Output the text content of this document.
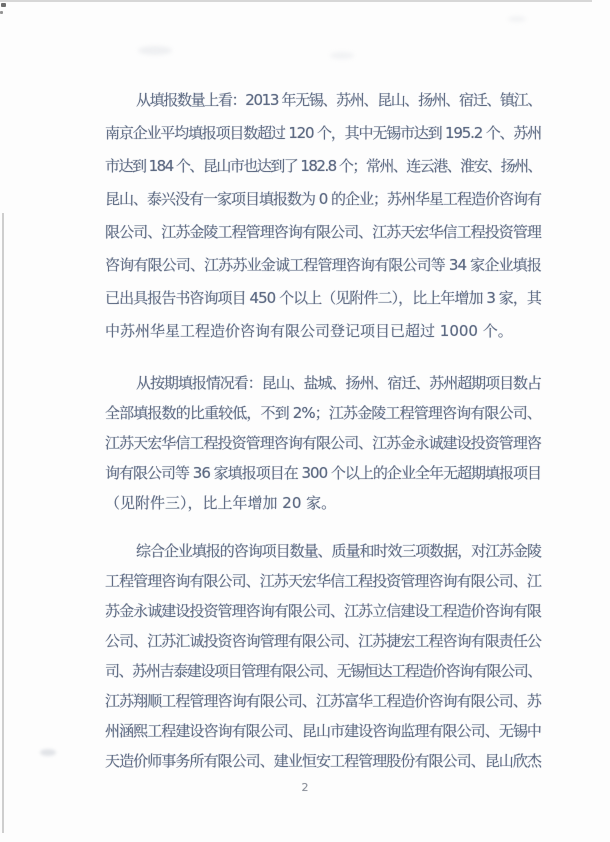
从填报数量上看：2013 年无锡、苏州、昆山、扬州、宿迁、镇江、
南京企业平均填报项目数超过 120 个，其中无锡市达到 195.2 个、苏州
市达到 184 个、昆山市也达到了 182.8 个；常州、连云港、淮安、扬州、
昆山、泰兴没有一家项目填报数为 0 的企业；苏州华星工程造价咨询有
限公司、江苏金陵工程管理咨询有限公司、江苏天宏华信工程投资管理
咨询有限公司、江苏苏业金诚工程管理咨询有限公司等 34 家企业填报
已出具报告书咨询项目 450 个以上（见附件二），比上年增加 3 家，其
中苏州华星工程造价咨询有限公司登记项目已超过 1000 个。
从按期填报情况看：昆山、盐城、扬州、宿迁、苏州超期项目数占
全部填报数的比重较低，不到 2%；江苏金陵工程管理咨询有限公司、
江苏天宏华信工程投资管理咨询有限公司、江苏金永诚建设投资管理咨
询有限公司等 36 家填报项目在 300 个以上的企业全年无超期填报项目
（见附件三），比上年增加 20 家。
综合企业填报的咨询项目数量、质量和时效三项数据，对江苏金陵
工程管理咨询有限公司、江苏天宏华信工程投资管理咨询有限公司、江
苏金永诚建设投资管理咨询有限公司、江苏立信建设工程造价咨询有限
公司、江苏汇诚投资咨询管理有限公司、江苏捷宏工程咨询有限责任公
司、苏州吉泰建设项目管理有限公司、无锡恒达工程造价咨询有限公司、
江苏翔顺工程管理咨询有限公司、江苏富华工程造价咨询有限公司、苏
州涵熙工程建设咨询有限公司、昆山市建设咨询监理有限公司、无锡中
天造价师事务所有限公司、建业恒安工程管理股份有限公司、昆山欣杰
2
